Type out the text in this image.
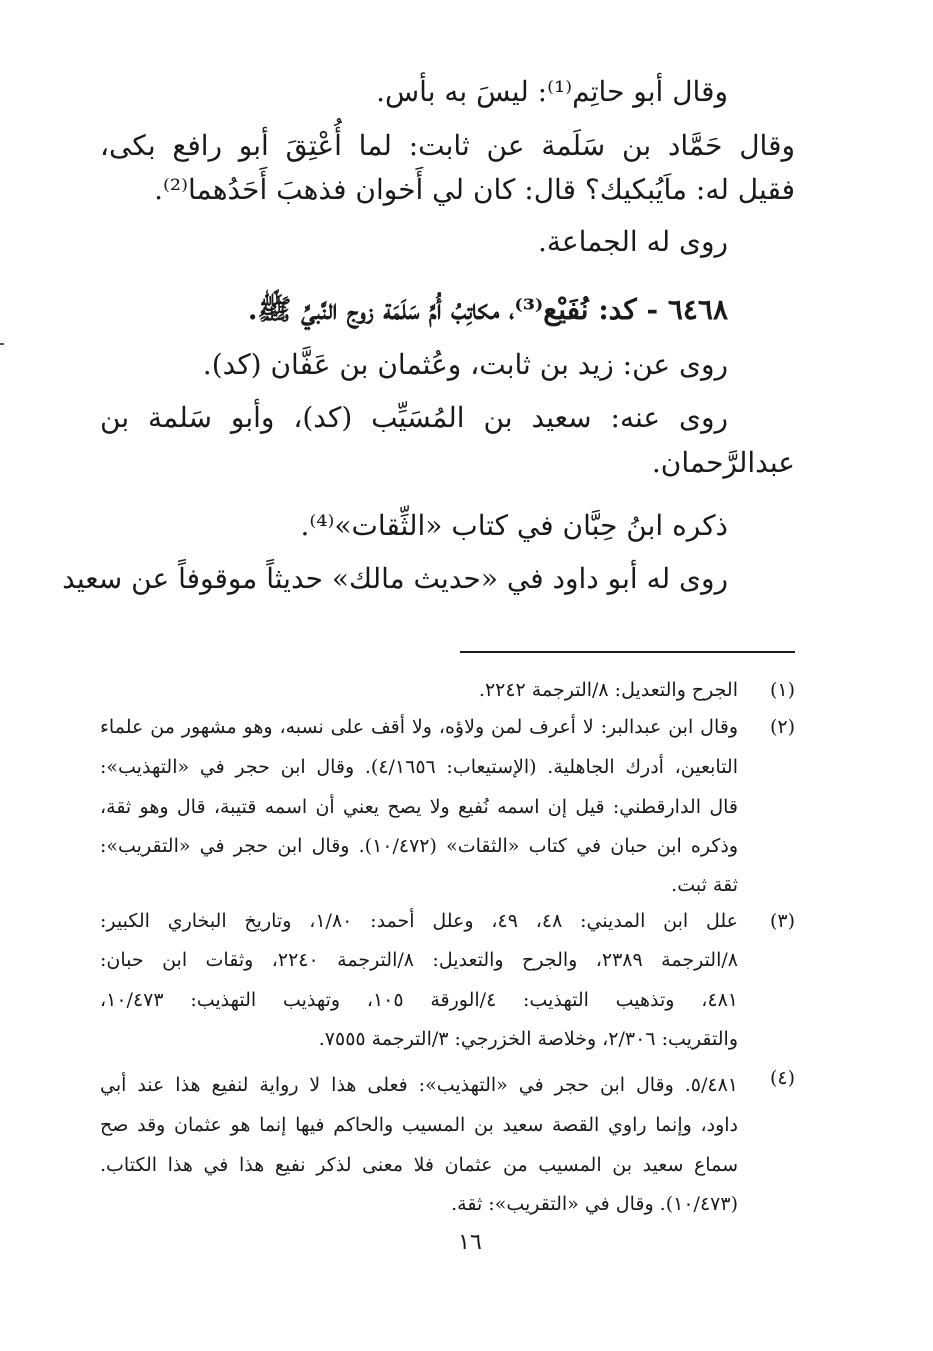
وقال أبو حاتِم⁽¹⁾: ليسَ به بأس.
وقال حَمَّاد بن سَلَمة عن ثابت: لما أُعْتِقَ أبو رافع بكى،
فقيل له: ماَيُبكيك؟ قال: كان لي أَخوان فذهبَ أَحَدُهما⁽²⁾.
روى له الجماعة.
٦٤٦٨ - كد: نُفَيْع⁽³⁾، مكاتِبُ أُمِّ سَلَمَة زوج النَّبيِّ ﷺ.
روى عن: زيد بن ثابت، وعُثمان بن عَفَّان (كد).
روى عنه: سعيد بن المُسَيِّب (كد)، وأبو سَلمة بن
عبدالرَّحمان.
ذكره ابنُ حِبَّان في كتاب «الثِّقات»⁽⁴⁾.
روى له أبو داود في «حديث مالك» حديثاً موقوفاً عن سعيد
(١)
الجرح والتعديل: ٨/الترجمة ٢٢٤٢.
(٢)
وقال ابن عبدالبر: لا أعرف لمن ولاؤه، ولا أقف على نسبه، وهو مشهور من علماء
التابعين، أدرك الجاهلية. (الإستيعاب: ٤/١٦٥٦). وقال ابن حجر في «التهذيب»:
قال الدارقطني: قيل إن اسمه نُفيع ولا يصح يعني أن اسمه قتيبة، قال وهو ثقة،
وذكره ابن حبان في كتاب «الثقات» (١٠/٤٧٢). وقال ابن حجر في «التقريب»:
ثقة ثبت.
(٣)
علل ابن المديني: ٤٨، ٤٩، وعلل أحمد: ١/٨٠، وتاريخ البخاري الكبير:
٨/الترجمة ٢٣٨٩، والجرح والتعديل: ٨/الترجمة ٢٢٤٠، وثقات ابن حبان:
٤٨١، وتذهيب التهذيب: ٤/الورقة ١٠٥، وتهذيب التهذيب: ١٠/٤٧٣،
والتقريب: ٢/٣٠٦، وخلاصة الخزرجي: ٣/الترجمة ٧٥٥٥.
(٤)
٥/٤٨١. وقال ابن حجر في «التهذيب»: فعلى هذا لا رواية لنفيع هذا عند أبي
داود، وإنما راوي القصة سعيد بن المسيب والحاكم فيها إنما هو عثمان وقد صح
سماع سعيد بن المسيب من عثمان فلا معنى لذكر نفيع هذا في هذا الكتاب.
(١٠/٤٧٣). وقال في «التقريب»: ثقة.
١٦
